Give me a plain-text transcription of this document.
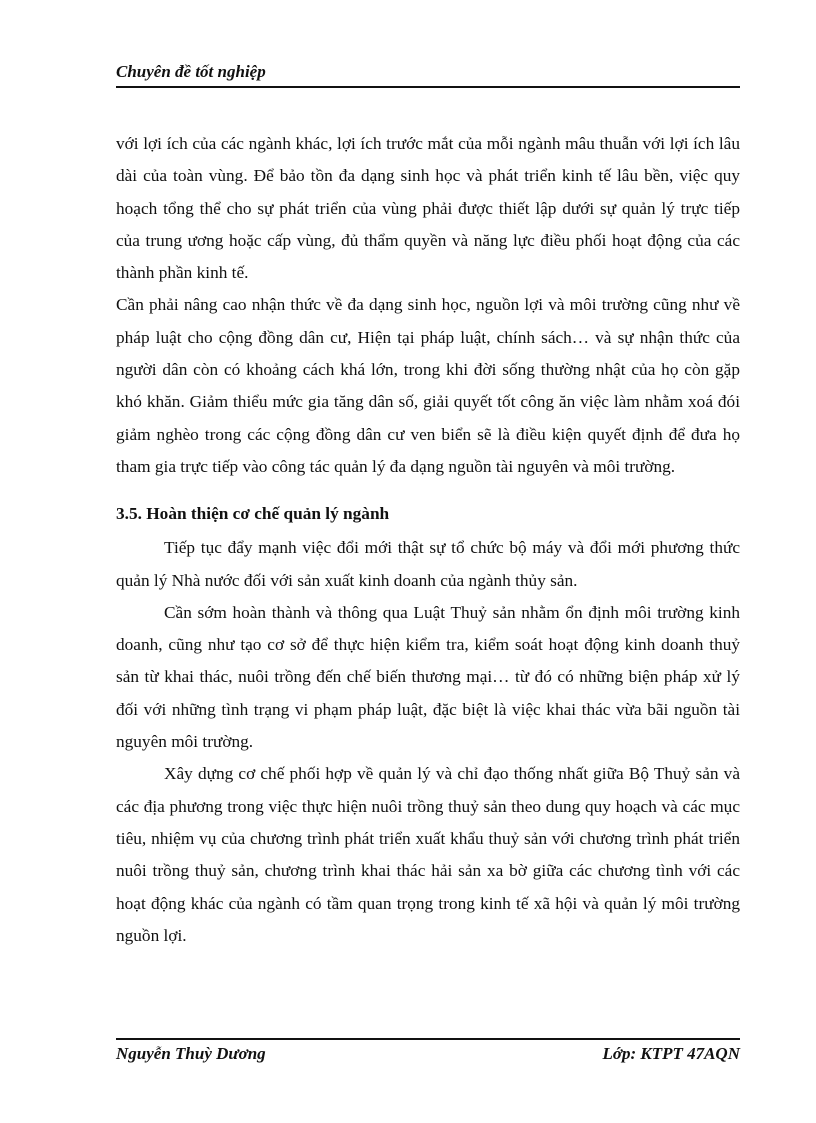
Chuyên đề tốt nghiệp

với lợi ích của các ngành khác, lợi ích trước mắt của mỗi ngành mâu thuẫn với lợi ích lâu dài của toàn vùng. Để bảo tồn đa dạng sinh học và phát triển kinh tế lâu bền, việc quy hoạch tổng thể cho sự phát triển của vùng phải được thiết lập dưới sự quản lý trực tiếp của trung ương hoặc cấp vùng, đủ thẩm quyền và năng lực điều phối hoạt động của các thành phần kinh tế.

Cần phải nâng cao nhận thức về đa dạng sinh học, nguồn lợi và môi trường cũng như về pháp luật cho cộng đồng dân cư, Hiện tại pháp luật, chính sách… và sự nhận thức của người dân còn có khoảng cách khá lớn, trong khi đời sống thường nhật của họ còn gặp khó khăn. Giảm thiểu mức gia tăng dân số, giải quyết tốt công ăn việc làm nhằm xoá đói giảm nghèo trong các cộng đồng dân cư ven biển sẽ là điều kiện quyết định để đưa họ tham gia trực tiếp vào công tác quản lý đa dạng nguồn tài nguyên và môi trường.

3.5. Hoàn thiện cơ chế quản lý ngành

Tiếp tục đẩy mạnh việc đổi mới thật sự tổ chức bộ máy và đổi mới phương thức quản lý Nhà nước đối với sản xuất kinh doanh của ngành thủy sản.

Cần sớm hoàn thành và thông qua Luật Thuỷ sản nhằm ổn định môi trường kinh doanh, cũng như tạo cơ sở để thực hiện kiểm tra, kiểm soát hoạt động kinh doanh thuỷ sản từ khai thác, nuôi trồng đến chế biến thương mại… từ đó có những biện pháp xử lý đối với những tình trạng vi phạm pháp luật, đặc biệt là việc khai thác vừa bãi nguồn tài nguyên môi trường.

Xây dựng cơ chế phối hợp về quản lý và chỉ đạo thống nhất giữa Bộ Thuỷ sản và các địa phương trong việc thực hiện nuôi trồng thuỷ sản theo dung quy hoạch và các mục tiêu, nhiệm vụ của chương trình phát triển xuất khẩu thuỷ sản với chương trình phát triển nuôi trồng thuỷ sản, chương trình khai thác hải sản xa bờ giữa các chương tình với các hoạt động khác của ngành có tầm quan trọng trong kinh tế xã hội và quản lý môi trường nguồn lợi.

Nguyễn Thuỳ Dương	Lớp: KTPT 47AQN
